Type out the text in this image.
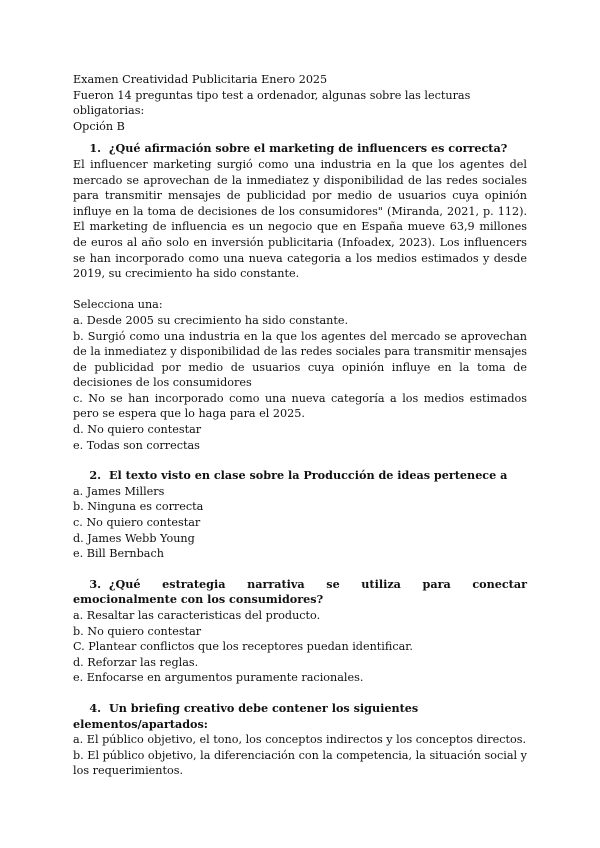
Examen Creatividad Publicitaria Enero 2025

Fueron 14 preguntas tipo test a ordenador, algunas sobre las lecturas obligatorias:

Opción B

1. ¿Qué afirmación sobre el marketing de influencers es correcta?

El influencer marketing surgió como una industria en la que los agentes del mercado se aprovechan de la inmediatez y disponibilidad de las redes sociales para transmitir mensajes de publicidad por medio de usuarios cuya opinión influye en la toma de decisiones de los consumidores" (Miranda, 2021, p. 112). El marketing de influencia es un negocio que en España mueve 63,9 millones de euros al año solo en inversión publicitaria (Infoadex, 2023). Los influencers se han incorporado como una nueva categoria a los medios estimados y desde 2019, su crecimiento ha sido constante.

Selecciona una:

a. Desde 2005 su crecimiento ha sido constante.

b. Surgió como una industria en la que los agentes del mercado se aprovechan de la inmediatez y disponibilidad de las redes sociales para transmitir mensajes de publicidad por medio de usuarios cuya opinión influye en la toma de decisiones de los consumidores

c. No se han incorporado como una nueva categoría a los medios estimados pero se espera que lo haga para el 2025.

d. No quiero contestar

e. Todas son correctas

2. El texto visto en clase sobre la Producción de ideas pertenece a

a. James Millers

b. Ninguna es correcta

c. No quiero contestar

d. James Webb Young

e. Bill Bernbach

3. ¿Qué estrategia narrativa se utiliza para conectar emocionalmente con los consumidores?

a. Resaltar las caracteristicas del producto.

b. No quiero contestar

C. Plantear conflictos que los receptores puedan identificar.

d. Reforzar las reglas.

e. Enfocarse en argumentos puramente racionales.

4. Un briefing creativo debe contener los siguientes elementos/apartados:

a. El público objetivo, el tono, los conceptos indirectos y los conceptos directos.

b. El público objetivo, la diferenciación con la competencia, la situación social y los requerimientos.
